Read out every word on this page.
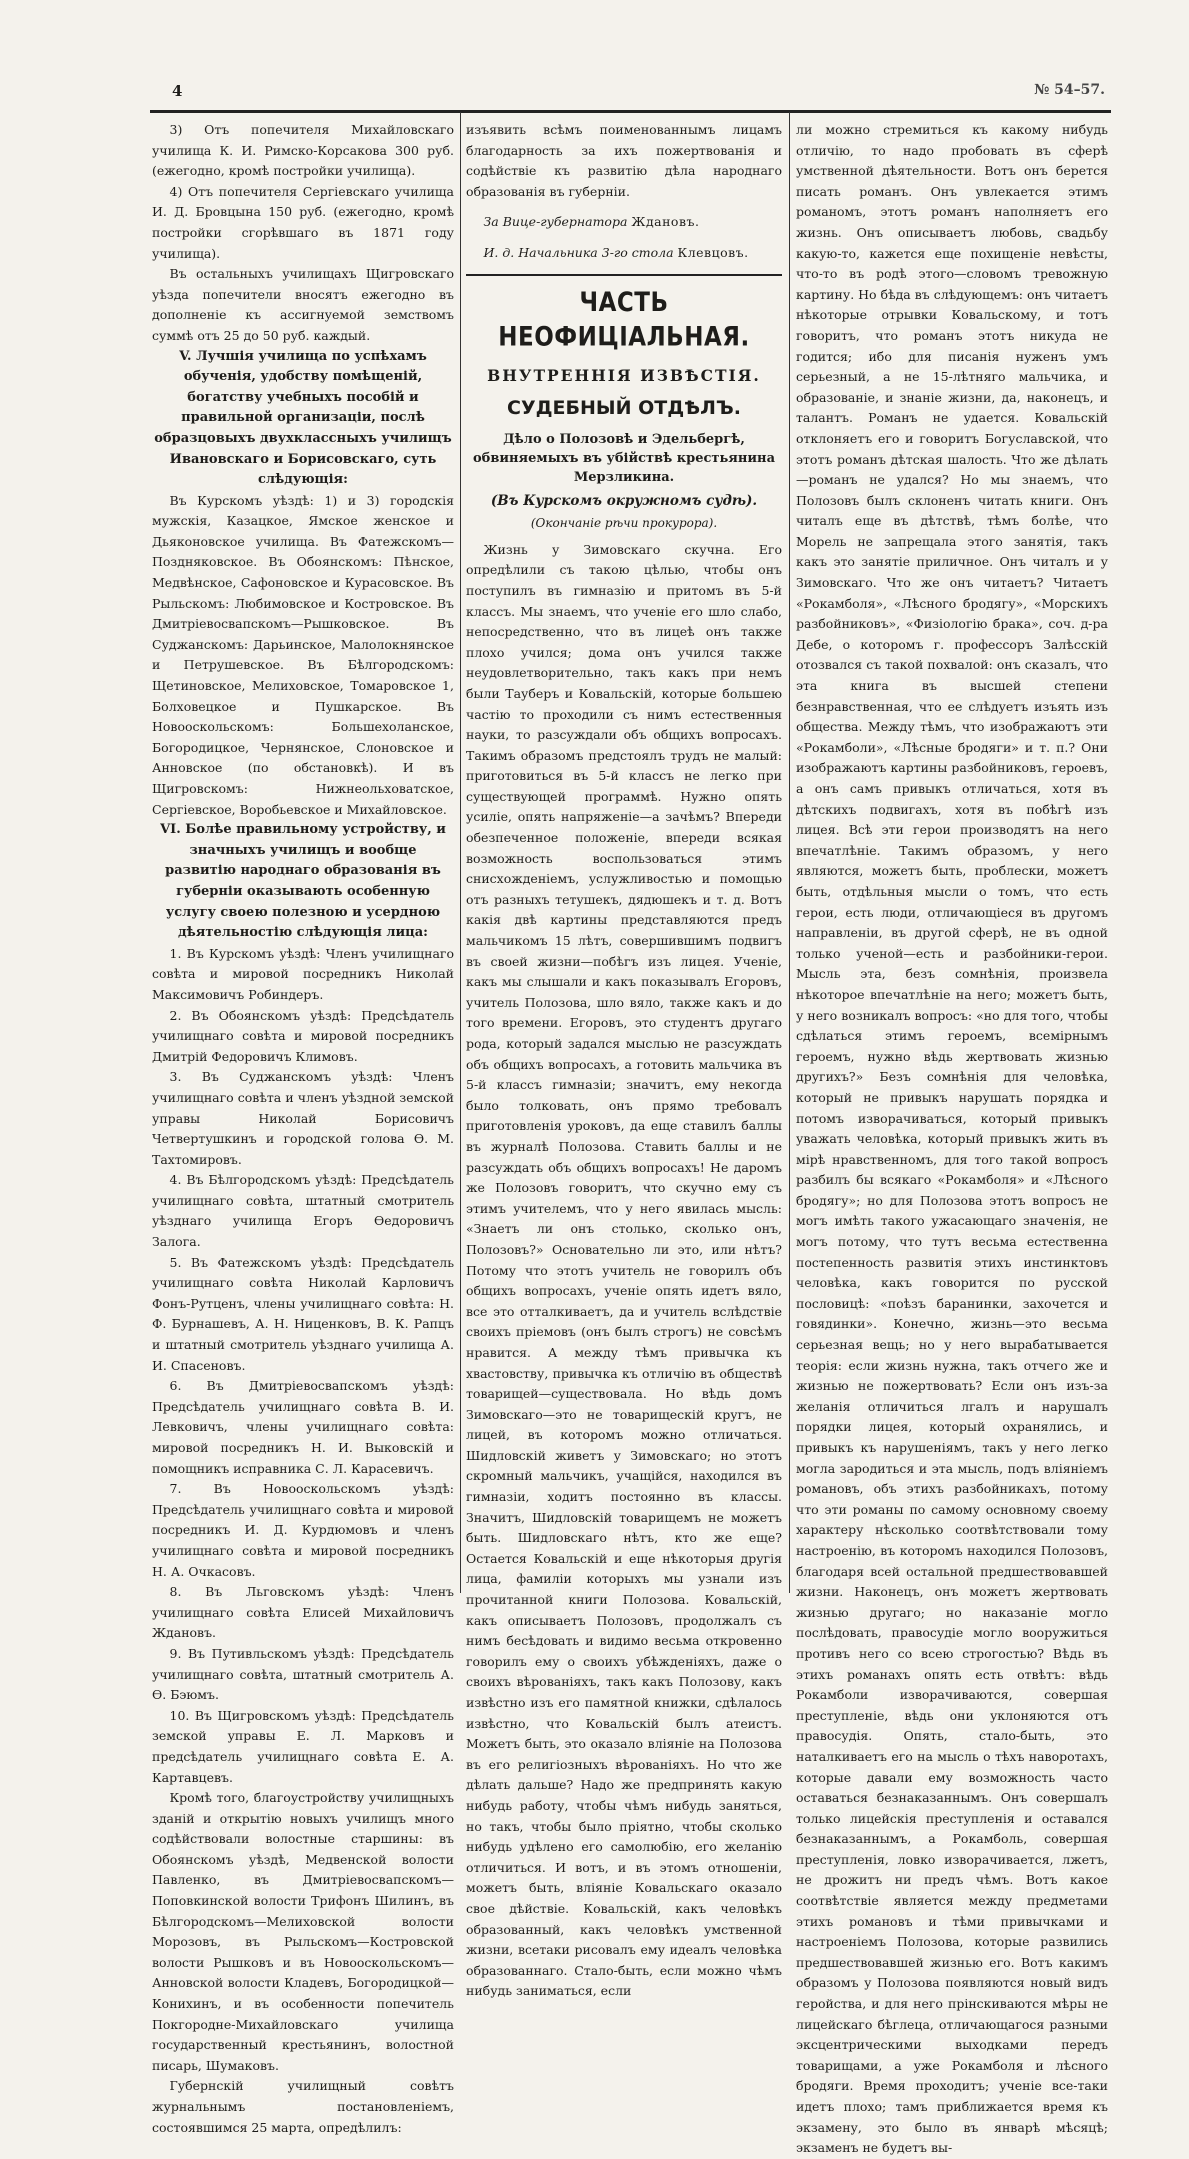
4	№ 54–57.

3) Отъ попечителя Михайловскаго училища К. И. Римско-Корсакова 300 руб. (ежегодно, кромѣ постройки училища).

4) Отъ попечителя Сергіевскаго училища И. Д. Бровцына 150 руб. (ежегодно, кромѣ постройки сгорѣвшаго въ 1871 году училища).

Въ остальныхъ училищахъ Щигровскаго уѣзда попечители вносятъ ежегодно въ дополненіе къ ассигнуемой земствомъ суммѣ отъ 25 до 50 руб. каждый.

V. Лучшія училища по успѣхамъ обученія, удобству помѣщеній, богатству учебныхъ пособій и правильной организаціи, послѣ образцовыхъ двухклассныхъ училищъ Ивановскаго и Борисовскаго, суть слѣдующія:

Въ Курскомъ уѣздѣ: 1) и 3) городскія мужскія, Казацкое, Ямское женское и Дьяконовское училища. Въ Фатежскомъ—Поздняковское. Въ Обоянскомъ: Пѣнское, Медвѣнское, Сафоновское и Курасовское. Въ Рыльскомъ: Любимовское и Костровское. Въ Дмитріевосвапскомъ—Рышковское. Въ Суджанскомъ: Дарьинское, Малолокнянское и Петрушевское. Въ Бѣлгородскомъ: Щетиновское, Мелиховское, Томаровское 1, Болховецкое и Пушкарское. Въ Новооскольскомъ: Большехоланское, Богородицкое, Чернянское, Слоновское и Анновское (по обстановкѣ). И въ Щигровскомъ: Нижнеольховатское, Сергіевское, Воробьевское и Михайловское.

VI. Болѣе правильному устройству, и значныхъ училищъ и вообще развитію народнаго образованія въ губерніи оказывають особенную услугу своею полезною и усердною дѣятельностію слѣдующія лица:

1. Въ Курскомъ уѣздѣ: Членъ училищнаго совѣта и мировой посредникъ Николай Максимовичъ Робиндеръ.

2. Въ Обоянскомъ уѣздѣ: Предсѣдатель училищнаго совѣта и мировой посредникъ Дмитрій Федоровичъ Климовъ.

3. Въ Суджанскомъ уѣздѣ: Членъ училищнаго совѣта и членъ уѣздной земской управы Николай Борисовичъ Четвертушкинъ и городской голова Ѳ. М. Тахтомировъ.

4. Въ Бѣлгородскомъ уѣздѣ: Предсѣдатель училищнаго совѣта, штатный смотритель уѣзднаго училища Егоръ Ѳедоровичъ Залога.

5. Въ Фатежскомъ уѣздѣ: Предсѣдатель училищнаго совѣта Николай Карловичъ Фонъ-Рутценъ, члены училищнаго совѣта: Н. Ф. Бурнашевъ, А. Н. Ниценковъ, В. К. Рапцъ и штатный смотритель уѣзднаго училища А. И. Спасеновъ.

6. Въ Дмитріевосвапскомъ уѣздѣ: Предсѣдатель училищнаго совѣта В. И. Левковичъ, члены училищнаго совѣта: мировой посредникъ Н. И. Выковскій и помощникъ исправника С. Л. Карасевичъ.

7. Въ Новооскольскомъ уѣздѣ: Предсѣдатель училищнаго совѣта и мировой посредникъ И. Д. Курдюмовъ и членъ училищнаго совѣта и мировой посредникъ Н. А. Очкасовъ.

8. Въ Льговскомъ уѣздѣ: Членъ училищнаго совѣта Елисей Михайловичъ Ждановъ.

9. Въ Путивльскомъ уѣздѣ: Предсѣдатель училищнаго совѣта, штатный смотритель А. Ѳ. Бэюмъ.

10. Въ Щигровскомъ уѣздѣ: Предсѣдатель земской управы Е. Л. Марковъ и предсѣдатель училищнаго совѣта Е. А. Картавцевъ.

Кромѣ того, благоустройству училищныхъ зданій и открытію новыхъ училищъ много содѣйствовали волостные старшины: въ Обоянскомъ уѣздѣ, Медвенской волости Павленко, въ Дмитріевосвапскомъ—Поповкинской волости Трифонъ Шилинъ, въ Бѣлгородскомъ—Мелиховской волости Морозовъ, въ Рыльскомъ—Костровской волости Рышковъ и въ Новооскольскомъ—Анновской волости Кладевъ, Богородицкой—Конихинъ, и въ особенности попечитель Покгородне-Михайловскаго училища государственный крестьянинъ, волостной писарь, Шумаковъ.

Губернскій училищный совѣтъ журнальнымъ постановленіемъ, состоявшимся 25 марта, опредѣлилъ:

изъявить всѣмъ поименованнымъ лицамъ благодарность за ихъ пожертвованія и содѣйствіе къ развитію дѣла народнаго образованія въ губерніи.

За Вице-губернатора Ждановъ.

И. д. Начальника 3-го стола Клевцовъ.

ЧАСТЬ НЕОФИЦІАЛЬНАЯ.
ВНУТРЕННІЯ ИЗВѢСТІЯ.
СУДЕБНЫЙ ОТДѢЛЪ.
Дѣло о Полозовѣ и Эдельбергѣ, обвиняемыхъ въ убійствѣ крестьянина Мерзликина.
(Въ Курскомъ окружномъ судѣ).
(Окончаніе рѣчи прокурора).

Жизнь у Зимовскаго скучна. Его опредѣлили съ такою цѣлью, чтобы онъ поступилъ въ гимназію и притомъ въ 5-й классъ. Мы знаемъ, что ученіе его шло слабо, непосредственно, что въ лицеѣ онъ также плохо учился; дома онъ учился также неудовлетворительно, такъ какъ при немъ были Тауберъ и Ковальскій, которые большею частію то проходили съ нимъ естественныя науки, то разсуждали объ общихъ вопросахъ. Такимъ образомъ предстоялъ трудъ не малый: приготовиться въ 5-й классъ не легко при существующей программѣ. Нужно опять усиліе, опять напряженіе—а зачѣмъ? Впереди обезпеченное положеніе, впереди всякая возможность воспользоваться этимъ снисхожденіемъ, услужливостью и помощью отъ разныхъ тетушекъ, дядюшекъ и т. д. Вотъ какія двѣ картины представляются предъ мальчикомъ 15 лѣтъ, совершившимъ подвигъ въ своей жизни—побѣгъ изъ лицея. Ученіе, какъ мы слышали и какъ показывалъ Егоровъ, учитель Полозова, шло вяло, также какъ и до того времени. Егоровъ, это студентъ другаго рода, который задался мыслью не разсуждать объ общихъ вопросахъ, а готовить мальчика въ 5-й классъ гимназіи; значитъ, ему некогда было толковать, онъ прямо требовалъ приготовленія уроковъ, да еще ставилъ баллы въ журналѣ Полозова. Ставить баллы и не разсуждать объ общихъ вопросахъ! Не даромъ же Полозовъ говоритъ, что скучно ему съ этимъ учителемъ, что у него явилась мысль: «Знаетъ ли онъ столько, сколько онъ, Полозовъ?» Основательно ли это, или нѣтъ? Потому что этотъ учитель не говорилъ объ общихъ вопросахъ, ученіе опять идетъ вяло, все это отталкиваетъ, да и учитель вслѣдствіе своихъ пріемовъ (онъ былъ строгъ) не совсѣмъ нравится. А между тѣмъ привычка къ хвастовству, привычка къ отличію въ обществѣ товарищей—существовала. Но вѣдь домъ Зимовскаго—это не товарищескій кругъ, не лицей, въ которомъ можно отличаться. Шидловскій живетъ у Зимовскаго; но этотъ скромный мальчикъ, учащійся, находился въ гимназіи, ходитъ постоянно въ классы. Значитъ, Шидловскій товарищемъ не можетъ быть. Шидловскаго нѣтъ, кто же еще? Остается Ковальскій и еще нѣкоторыя другія лица, фамиліи которыхъ мы узнали изъ прочитанной книги Полозова. Ковальскій, какъ описываетъ Полозовъ, продолжалъ съ нимъ бесѣдовать и видимо весьма откровенно говорилъ ему о своихъ убѣжденіяхъ, даже о своихъ вѣрованіяхъ, такъ какъ Полозову, какъ извѣстно изъ его памятной книжки, сдѣлалось извѣстно, что Ковальскій былъ атеистъ. Можетъ быть, это оказало вліяніе на Полозова въ его религіозныхъ вѣрованіяхъ. Но что же дѣлать дальше? Надо же предпринять какую нибудь работу, чтобы чѣмъ нибудь заняться, но такъ, чтобы было пріятно, чтобы сколько нибудь удѣлено его самолюбію, его желанію отличиться. И вотъ, и въ этомъ отношеніи, можетъ быть, вліяніе Ковальскаго оказало свое дѣйствіе. Ковальскій, какъ человѣкъ образованный, какъ человѣкъ умственной жизни, всетаки рисовалъ ему идеалъ человѣка образованнаго. Стало-быть, если можно чѣмъ нибудь заниматься, если

ли можно стремиться къ какому нибудь отличію, то надо пробовать въ сферѣ умственной дѣятельности. Вотъ онъ берется писать романъ. Онъ увлекается этимъ романомъ, этотъ романъ наполняетъ его жизнь. Онъ описываетъ любовь, свадьбу какую-то, кажется еще похищеніе невѣсты, что-то въ родѣ этого—словомъ тревожную картину. Но бѣда въ слѣдующемъ: онъ читаетъ нѣкоторые отрывки Ковальскому, и тотъ говоритъ, что романъ этотъ никуда не годится; ибо для писанія нуженъ умъ серьезный, а не 15-лѣтняго мальчика, и образованіе, и знаніе жизни, да, наконецъ, и талантъ. Романъ не удается. Ковальскій отклоняетъ его и говоритъ Богуславской, что этотъ романъ дѣтская шалость. Что же дѣлать—романъ не удался? Но мы знаемъ, что Полозовъ былъ склоненъ читать книги. Онъ читалъ еще въ дѣтствѣ, тѣмъ болѣе, что Морель не запрещала этого занятія, такъ какъ это занятіе приличное. Онъ читалъ и у Зимовскаго. Что же онъ читаетъ? Читаетъ «Рокамболя», «Лѣсного бродягу», «Морскихъ разбойниковъ», «Физіологію брака», соч. д-ра Дебе, о которомъ г. профессоръ Залѣсскій отозвался съ такой похвалой: онъ сказалъ, что эта книга въ высшей степени безнравственная, что ее слѣдуетъ изъять изъ общества. Между тѣмъ, что изображаютъ эти «Рокамболи», «Лѣсные бродяги» и т. п.? Они изображаютъ картины разбойниковъ, героевъ, а онъ самъ привыкъ отличаться, хотя въ дѣтскихъ подвигахъ, хотя въ побѣгѣ изъ лицея. Всѣ эти герои производятъ на него впечатлѣніе. Такимъ образомъ, у него являются, можетъ быть, проблески, можетъ быть, отдѣльныя мысли о томъ, что есть герои, есть люди, отличающіеся въ другомъ направленіи, въ другой сферѣ, не въ одной только ученой—есть и разбойники-герои. Мысль эта, безъ сомнѣнія, произвела нѣкоторое впечатлѣніе на него; можетъ быть, у него возникалъ вопросъ: «но для того, чтобы сдѣлаться этимъ героемъ, всемірнымъ героемъ, нужно вѣдь жертвовать жизнью другихъ?» Безъ сомнѣнія для человѣка, который не привыкъ нарушать порядка и потомъ изворачиваться, который привыкъ уважать человѣка, который привыкъ жить въ мірѣ нравственномъ, для того такой вопросъ разбилъ бы всякаго «Рокамболя» и «Лѣсного бродягу»; но для Полозова этотъ вопросъ не могъ имѣть такого ужасающаго значенія, не могъ потому, что тутъ весьма естественна постепенность развитія этихъ инстинктовъ человѣка, какъ говорится по русской пословицѣ: «поѣзъ баранинки, захочется и говядинки». Конечно, жизнь—это весьма серьезная вещь; но у него вырабатывается теорія: если жизнь нужна, такъ отчего же и жизнью не пожертвовать? Если онъ изъ-за желанія отличиться лгалъ и нарушалъ порядки лицея, который охранялись, и привыкъ къ нарушеніямъ, такъ у него легко могла зародиться и эта мысль, подъ вліяніемъ романовъ, объ этихъ разбойникахъ, потому что эти романы по самому основному своему характеру нѣсколько соотвѣтствовали тому настроенію, въ которомъ находился Полозовъ, благодаря всей остальной предшествовавшей жизни. Наконецъ, онъ можетъ жертвовать жизнью другаго; но наказаніе могло послѣдовать, правосудіе могло вооружиться противъ него со всею строгостью? Вѣдь въ этихъ романахъ опять есть отвѣтъ: вѣдь Рокамболи изворачиваются, совершая преступленіе, вѣдь они уклоняются отъ правосудія. Опять, стало-быть, это наталкиваетъ его на мысль о тѣхъ наворотахъ, которые давали ему возможность часто оставаться безнаказаннымъ. Онъ совершалъ только лицейскія преступленія и оставался безнаказаннымъ, а Рокамболь, совершая преступленія, ловко изворачивается, лжетъ, не дрожитъ ни предъ чѣмъ. Вотъ какое соотвѣтствіе является между предметами этихъ романовъ и тѣми привычками и настроеніемъ Полозова, которые развились предшествовавшей жизнью его. Вотъ какимъ образомъ у Полозова появляются новый видъ геройства, и для него прінскиваются мѣры не лицейскаго бѣглеца, отличающагося разными эксцентрическими выходками передъ товарищами, а уже Рокамболя и лѣсного бродяги. Время проходитъ; ученіе все-таки идетъ плохо; тамъ приближается время къ экзамену, это было въ январѣ мѣсяцѣ; экзаменъ не будетъ вы-
